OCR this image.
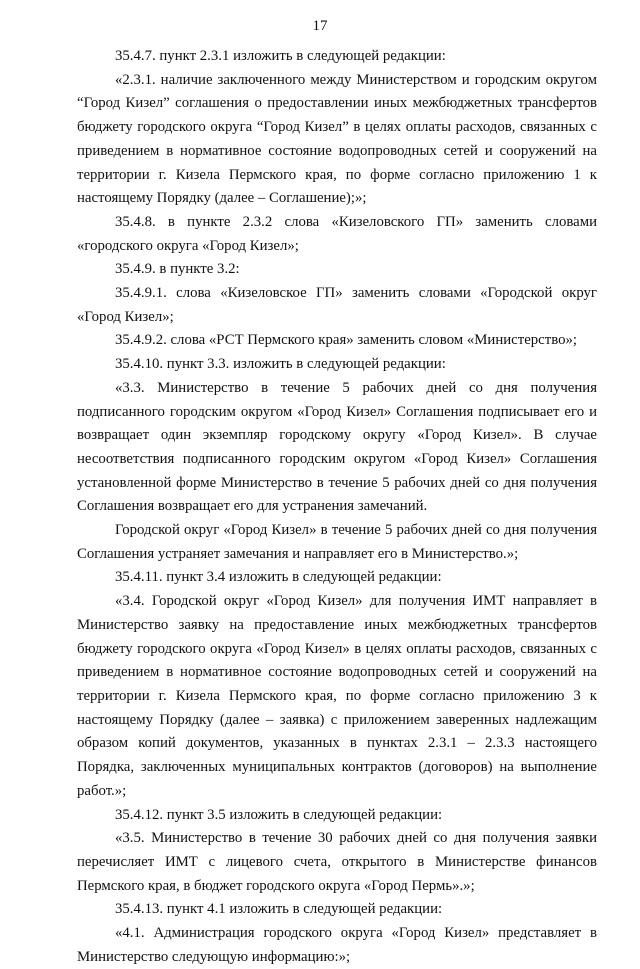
17

35.4.7. пункт 2.3.1 изложить в следующей редакции:

«2.3.1. наличие заключенного между Министерством и городским округом “Город Кизел” соглашения о предоставлении иных межбюджетных трансфертов бюджету городского округа “Город Кизел” в целях оплаты расходов, связанных с приведением в нормативное состояние водопроводных сетей и сооружений на территории г. Кизела Пермского края, по форме согласно приложению 1 к настоящему Порядку (далее – Соглашение);»;

35.4.8. в пункте 2.3.2 слова «Кизеловского ГП» заменить словами «городского округа «Город Кизел»;

35.4.9. в пункте 3.2:

35.4.9.1. слова «Кизеловское ГП» заменить словами «Городской округ «Город Кизел»;

35.4.9.2. слова «РСТ Пермского края» заменить словом «Министерство»;

35.4.10. пункт 3.3. изложить в следующей редакции:

«3.3. Министерство в течение 5 рабочих дней со дня получения подписанного городским округом «Город Кизел» Соглашения подписывает его и возвращает один экземпляр городскому округу «Город Кизел». В случае несоответствия подписанного городским округом «Город Кизел» Соглашения установленной форме Министерство в течение 5 рабочих дней со дня получения Соглашения возвращает его для устранения замечаний.

Городской округ «Город Кизел» в течение 5 рабочих дней со дня получения Соглашения устраняет замечания и направляет его в Министерство.»;

35.4.11. пункт 3.4 изложить в следующей редакции:

«3.4. Городской округ «Город Кизел» для получения ИМТ направляет в Министерство заявку на предоставление иных межбюджетных трансфертов бюджету городского округа «Город Кизел» в целях оплаты расходов, связанных с приведением в нормативное состояние водопроводных сетей и сооружений на территории г. Кизела Пермского края, по форме согласно приложению 3 к настоящему Порядку (далее – заявка) с приложением заверенных надлежащим образом копий документов, указанных в пунктах 2.3.1 – 2.3.3 настоящего Порядка, заключенных муниципальных контрактов (договоров) на выполнение работ.»;

35.4.12. пункт 3.5 изложить в следующей редакции:

«3.5. Министерство в течение 30 рабочих дней со дня получения заявки перечисляет ИМТ с лицевого счета, открытого в Министерстве финансов Пермского края, в бюджет городского округа «Город Пермь».»;

35.4.13. пункт 4.1 изложить в следующей редакции:

«4.1. Администрация городского округа «Город Кизел» представляет в Министерство следующую информацию:»;
